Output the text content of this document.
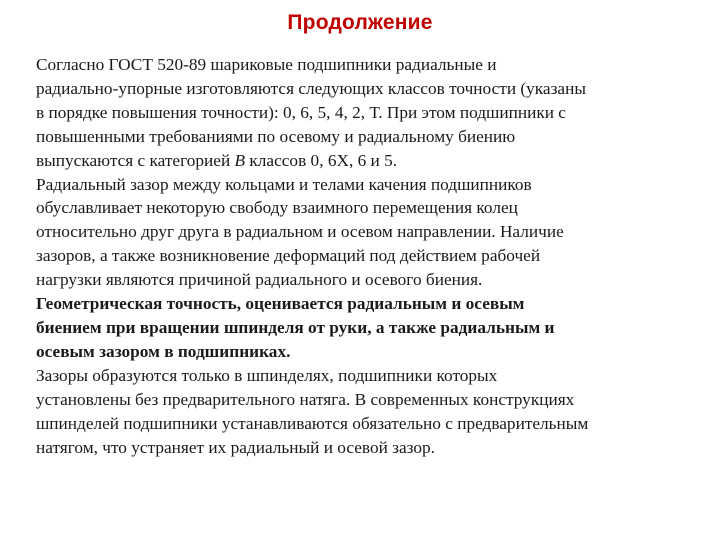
Продолжение
Согласно ГОСТ 520-89 шариковые подшипники радиальные и
радиально-упорные изготовляются следующих классов точности (указаны
в порядке повышения точности): 0, 6, 5, 4, 2, Т. При этом подшипники с
повышенными требованиями по осевому и радиальному биению
выпускаются с категорией В классов 0, 6Х, 6 и 5.
Радиальный зазор между кольцами и телами качения подшипников
обуславливает некоторую свободу взаимного перемещения колец
относительно друг друга в радиальном и осевом направлении. Наличие
зазоров, а также возникновение деформаций под действием рабочей
нагрузки являются причиной радиального и осевого биения.
Геометрическая точность, оценивается радиальным и осевым
биением при вращении шпинделя от руки, а также радиальным и
осевым зазором в подшипниках.
Зазоры образуются только в шпинделях, подшипники которых
установлены без предварительного натяга. В современных конструкциях
шпинделей подшипники устанавливаются обязательно с предварительным
натягом, что устраняет их радиальный и осевой зазор.
